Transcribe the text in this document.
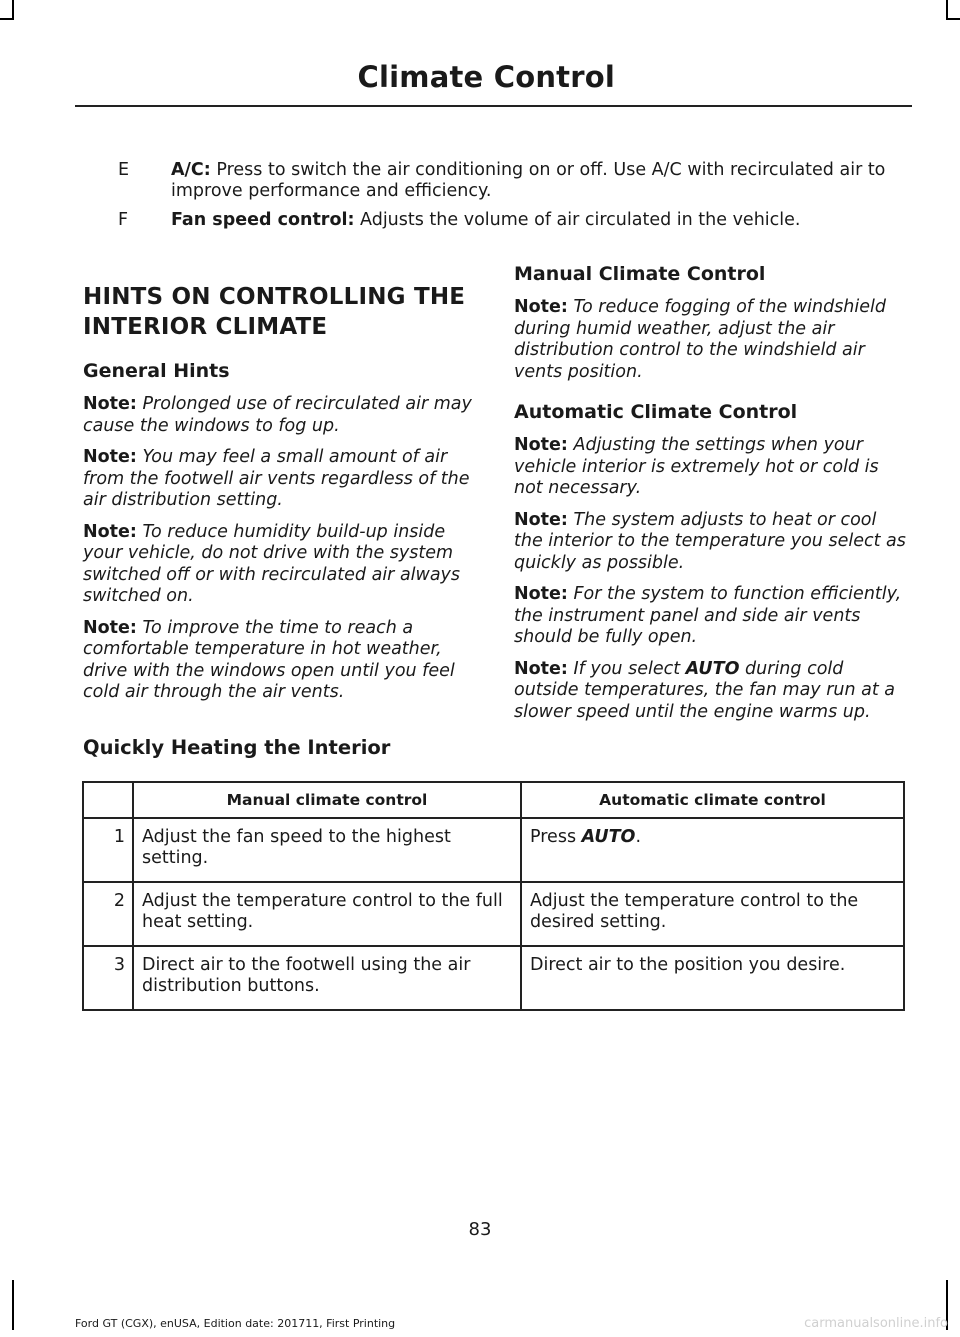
Climate Control
E A/C: Press to switch the air conditioning on or off. Use A/C with recirculated air to improve performance and efficiency.
F Fan speed control: Adjusts the volume of air circulated in the vehicle.
HINTS ON CONTROLLING THE INTERIOR CLIMATE
General Hints

Note: Prolonged use of recirculated air may cause the windows to fog up.

Note: You may feel a small amount of air from the footwell air vents regardless of the air distribution setting.

Note: To reduce humidity build-up inside your vehicle, do not drive with the system switched off or with recirculated air always switched on.

Note: To improve the time to reach a comfortable temperature in hot weather, drive with the windows open until you feel cold air through the air vents.

Manual Climate Control

Note: To reduce fogging of the windshield during humid weather, adjust the air distribution control to the windshield air vents position.

Automatic Climate Control

Note: Adjusting the settings when your vehicle interior is extremely hot or cold is not necessary.

Note: The system adjusts to heat or cool the interior to the temperature you select as quickly as possible.

Note: For the system to function efficiently, the instrument panel and side air vents should be fully open.

Note: If you select AUTO during cold outside temperatures, the fan may run at a slower speed until the engine warms up.

Quickly Heating the Interior
	Manual climate control	Automatic climate control
1	Adjust the fan speed to the highest setting.	Press AUTO.
2	Adjust the temperature control to the full heat setting.	Adjust the temperature control to the desired setting.
3	Direct air to the footwell using the air distribution buttons.	Direct air to the position you desire.
83
Ford GT (CGX), enUSA, Edition date: 201711, First Printing	carmanualsonline.info
